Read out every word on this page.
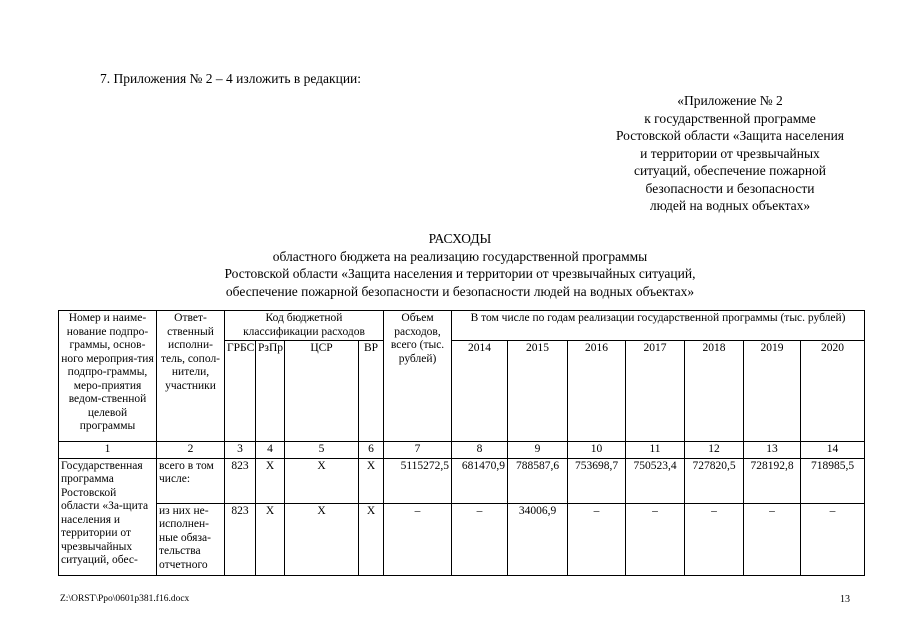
7. Приложения № 2 – 4 изложить в редакции:
«Приложение № 2
к государственной программе
Ростовской области «Защита населения
и территории от чрезвычайных
ситуаций, обеспечение пожарной
безопасности и безопасности
людей на водных объектах»
РАСХОДЫ
областного бюджета на реализацию государственной программы
Ростовской области «Защита населения и территории от чрезвычайных ситуаций,
обеспечение пожарной безопасности и безопасности людей на водных объектах»
Номер и наиме-нование подпро-граммы, основ-ного мероприя-тия подпро-граммы, меро-приятия ведом-ственной целевой программы	Ответ-ственный исполни-тель, сопол-нители, участники	Код бюджетной классификации расходов				Объем расходов, всего (тыс. рублей)	В том числе по годам реализации государственной программы (тыс. рублей)						
		ГРБС	РзПр	ЦСР	ВР		2014	2015	2016	2017	2018	2019	2020
1	2	3	4	5	6	7	8	9	10	11	12	13	14
Государственная программа Ростовской области «За-щита населения и территории от чрезвычайных ситуаций, обес-	всего в том числе:	823	Х	Х	Х	5115272,5	681470,9	788587,6	753698,7	750523,4	727820,5	728192,8	718985,5
	из них не-исполнен-ные обяза-тельства отчетного	823	Х	Х	Х	–	–	34006,9	–	–	–	–	–
Z:\ORST\Ppo\0601p381.f16.docx	13
